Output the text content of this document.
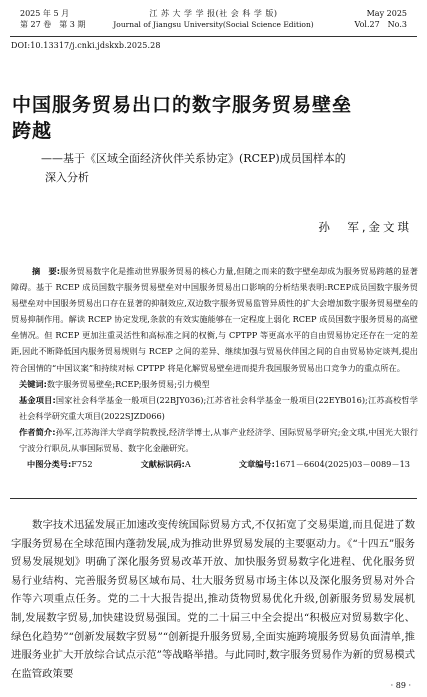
2025 年 5 月
第 27 卷　第 3 期
江 苏 大 学 学 报(社 会 科 学 版)
Journal of Jiangsu University(Social Science Edition)
May 2025
Vol.27　No.3
DOI:10.13317/j.cnki.jdskxb.2025.28
中国服务贸易出口的数字服务贸易壁垒
跨越
——基于《区域全面经济伙伴关系协定》(RCEP)成员国样本的
深入分析
孙　军,金文琪

摘　要:服务贸易数字化是推动世界服务贸易的核心力量,但随之而来的数字壁垒却成为服务贸易跨越的显著障碍。基于 RCEP 成员国数字服务贸易壁垒对中国服务贸易出口影响的分析结果表明:RCEP成员国数字服务贸易壁垒对中国服务贸易出口存在显著的抑制效应,双边数字服务贸易监管异质性的扩大会增加数字服务贸易壁垒的贸易抑制作用。解读 RCEP 协定发现,条款的有效实施能够在一定程度上弱化 RCEP 成员国数字服务贸易的高壁垒情况。但 RCEP 更加注重灵活性和高标准之间的权衡,与 CPTPP 等更高水平的自由贸易协定还存在一定的差距,因此不断降低国内服务贸易规则与 RCEP 之间的差异、继续加强与贸易伙伴国之间的自由贸易协定谈判,提出符合国情的“中国议案”和持续对标 CPTPP 将是化解贸易壁垒进而提升我国服务贸易出口竞争力的重点所在。

关键词:数字服务贸易壁垒;RCEP;服务贸易;引力模型

基金项目:国家社会科学基金一般项目(22BJY036);江苏省社会科学基金一般项目(22EYB016);江苏高校哲学社会科学研究重大项目(2022SJZD066)

作者简介:孙军,江苏海洋大学商学院教授,经济学博士,从事产业经济学、国际贸易学研究;金文琪,中国光大银行宁波分行职员,从事国际贸易、数字化金融研究。

中图分类号:F752	文献标识码:A	文章编号:1671－6604(2025)03－0089－13

数字技术迅猛发展正加速改变传统国际贸易方式,不仅拓宽了交易渠道,而且促进了数字服务贸易在全球范围内蓬勃发展,成为推动世界贸易发展的主要驱动力。《“十四五”服务贸易发展规划》明确了深化服务贸易改革开放、加快服务贸易数字化进程、优化服务贸易行业结构、完善服务贸易区域布局、壮大服务贸易市场主体以及深化服务贸易对外合作等六项重点任务。党的二十大报告提出,推动货物贸易优化升级,创新服务贸易发展机制,发展数字贸易,加快建设贸易强国。党的二十届三中全会提出“积极应对贸易数字化、绿色化趋势”“创新发展数字贸易”“创新提升服务贸易,全面实施跨境服务贸易负面清单,推进服务业扩大开放综合试点示范”等战略举措。与此同时,数字服务贸易作为新的贸易模式在监管政策要

· 89 ·
